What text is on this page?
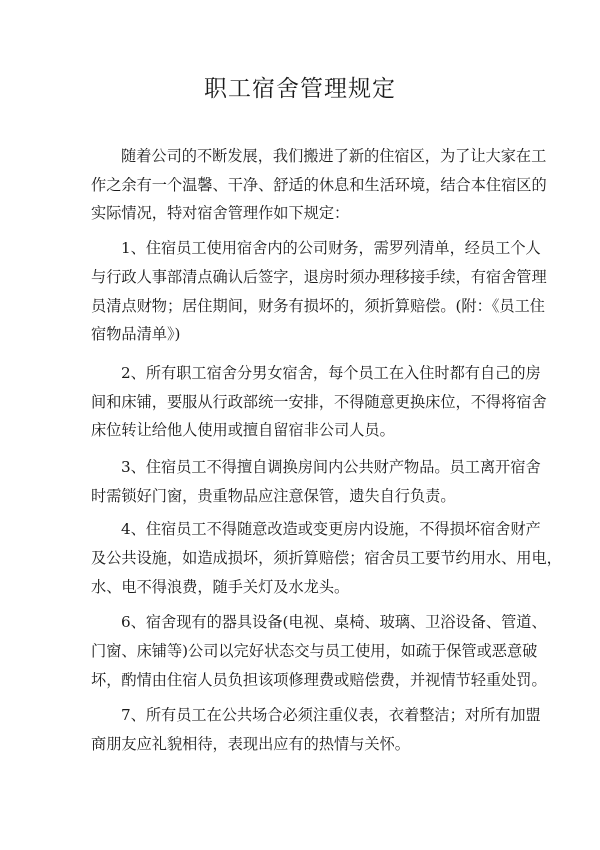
职工宿舍管理规定
随着公司的不断发展，我们搬进了新的住宿区，为了让大家在工
作之余有一个温馨、干净、舒适的休息和生活环境，结合本住宿区的
实际情况，特对宿舍管理作如下规定：
1、住宿员工使用宿舍内的公司财务，需罗列清单，经员工个人
与行政人事部清点确认后签字，退房时须办理移接手续，有宿舍管理
员清点财物；居住期间，财务有损坏的，须折算赔偿。(附：《员工住
宿物品清单》)
2、所有职工宿舍分男女宿舍，每个员工在入住时都有自己的房
间和床铺，要服从行政部统一安排，不得随意更换床位，不得将宿舍
床位转让给他人使用或擅自留宿非公司人员。
3、住宿员工不得擅自调换房间内公共财产物品。员工离开宿舍
时需锁好门窗，贵重物品应注意保管，遗失自行负责。
4、住宿员工不得随意改造或变更房内设施，不得损坏宿舍财产
及公共设施，如造成损坏，须折算赔偿；宿舍员工要节约用水、用电，
水、电不得浪费，随手关灯及水龙头。
6、宿舍现有的器具设备(电视、桌椅、玻璃、卫浴设备、管道、
门窗、床铺等)公司以完好状态交与员工使用，如疏于保管或恶意破
坏，酌情由住宿人员负担该项修理费或赔偿费，并视情节轻重处罚。
7、所有员工在公共场合必须注重仪表，衣着整洁；对所有加盟
商朋友应礼貌相待，表现出应有的热情与关怀。
